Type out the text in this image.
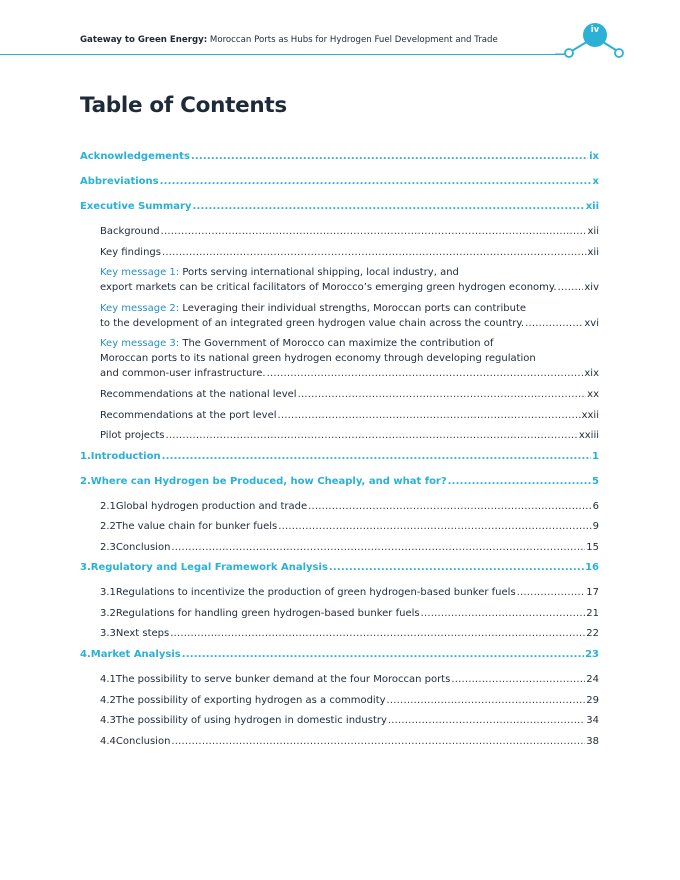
Gateway to Green Energy: Moroccan Ports as Hubs for Hydrogen Fuel Development and Trade
iv
Table of Contents
Acknowledgements .....	ix
Abbreviations .....	x
Executive Summary .....	xii
Background .....	xii
Key findings .....	xii
Key message 1: Ports serving international shipping, local industry, and
export markets can be critical facilitators of Morocco’s emerging green hydrogen economy. .....	xiv
Key message 2: Leveraging their individual strengths, Moroccan ports can contribute
to the development of an integrated green hydrogen value chain across the country. .....	xvi
Key message 3: The Government of Morocco can maximize the contribution of
Moroccan ports to its national green hydrogen economy through developing regulation
and common-user infrastructure. .....	xix
Recommendations at the national level .....	xx
Recommendations at the port level .....	xxii
Pilot projects .....	xxiii
1. Introduction .....	1
2. Where can Hydrogen be Produced, how Cheaply, and what for? .....	5
2.1 Global hydrogen production and trade .....	6
2.2 The value chain for bunker fuels .....	9
2.3 Conclusion .....	15
3. Regulatory and Legal Framework Analysis .....	16
3.1 Regulations to incentivize the production of green hydrogen-based bunker fuels .....	17
3.2 Regulations for handling green hydrogen-based bunker fuels .....	21
3.3 Next steps .....	22
4. Market Analysis .....	23
4.1 The possibility to serve bunker demand at the four Moroccan ports .....	24
4.2 The possibility of exporting hydrogen as a commodity .....	29
4.3 The possibility of using hydrogen in domestic industry .....	34
4.4 Conclusion .....	38
